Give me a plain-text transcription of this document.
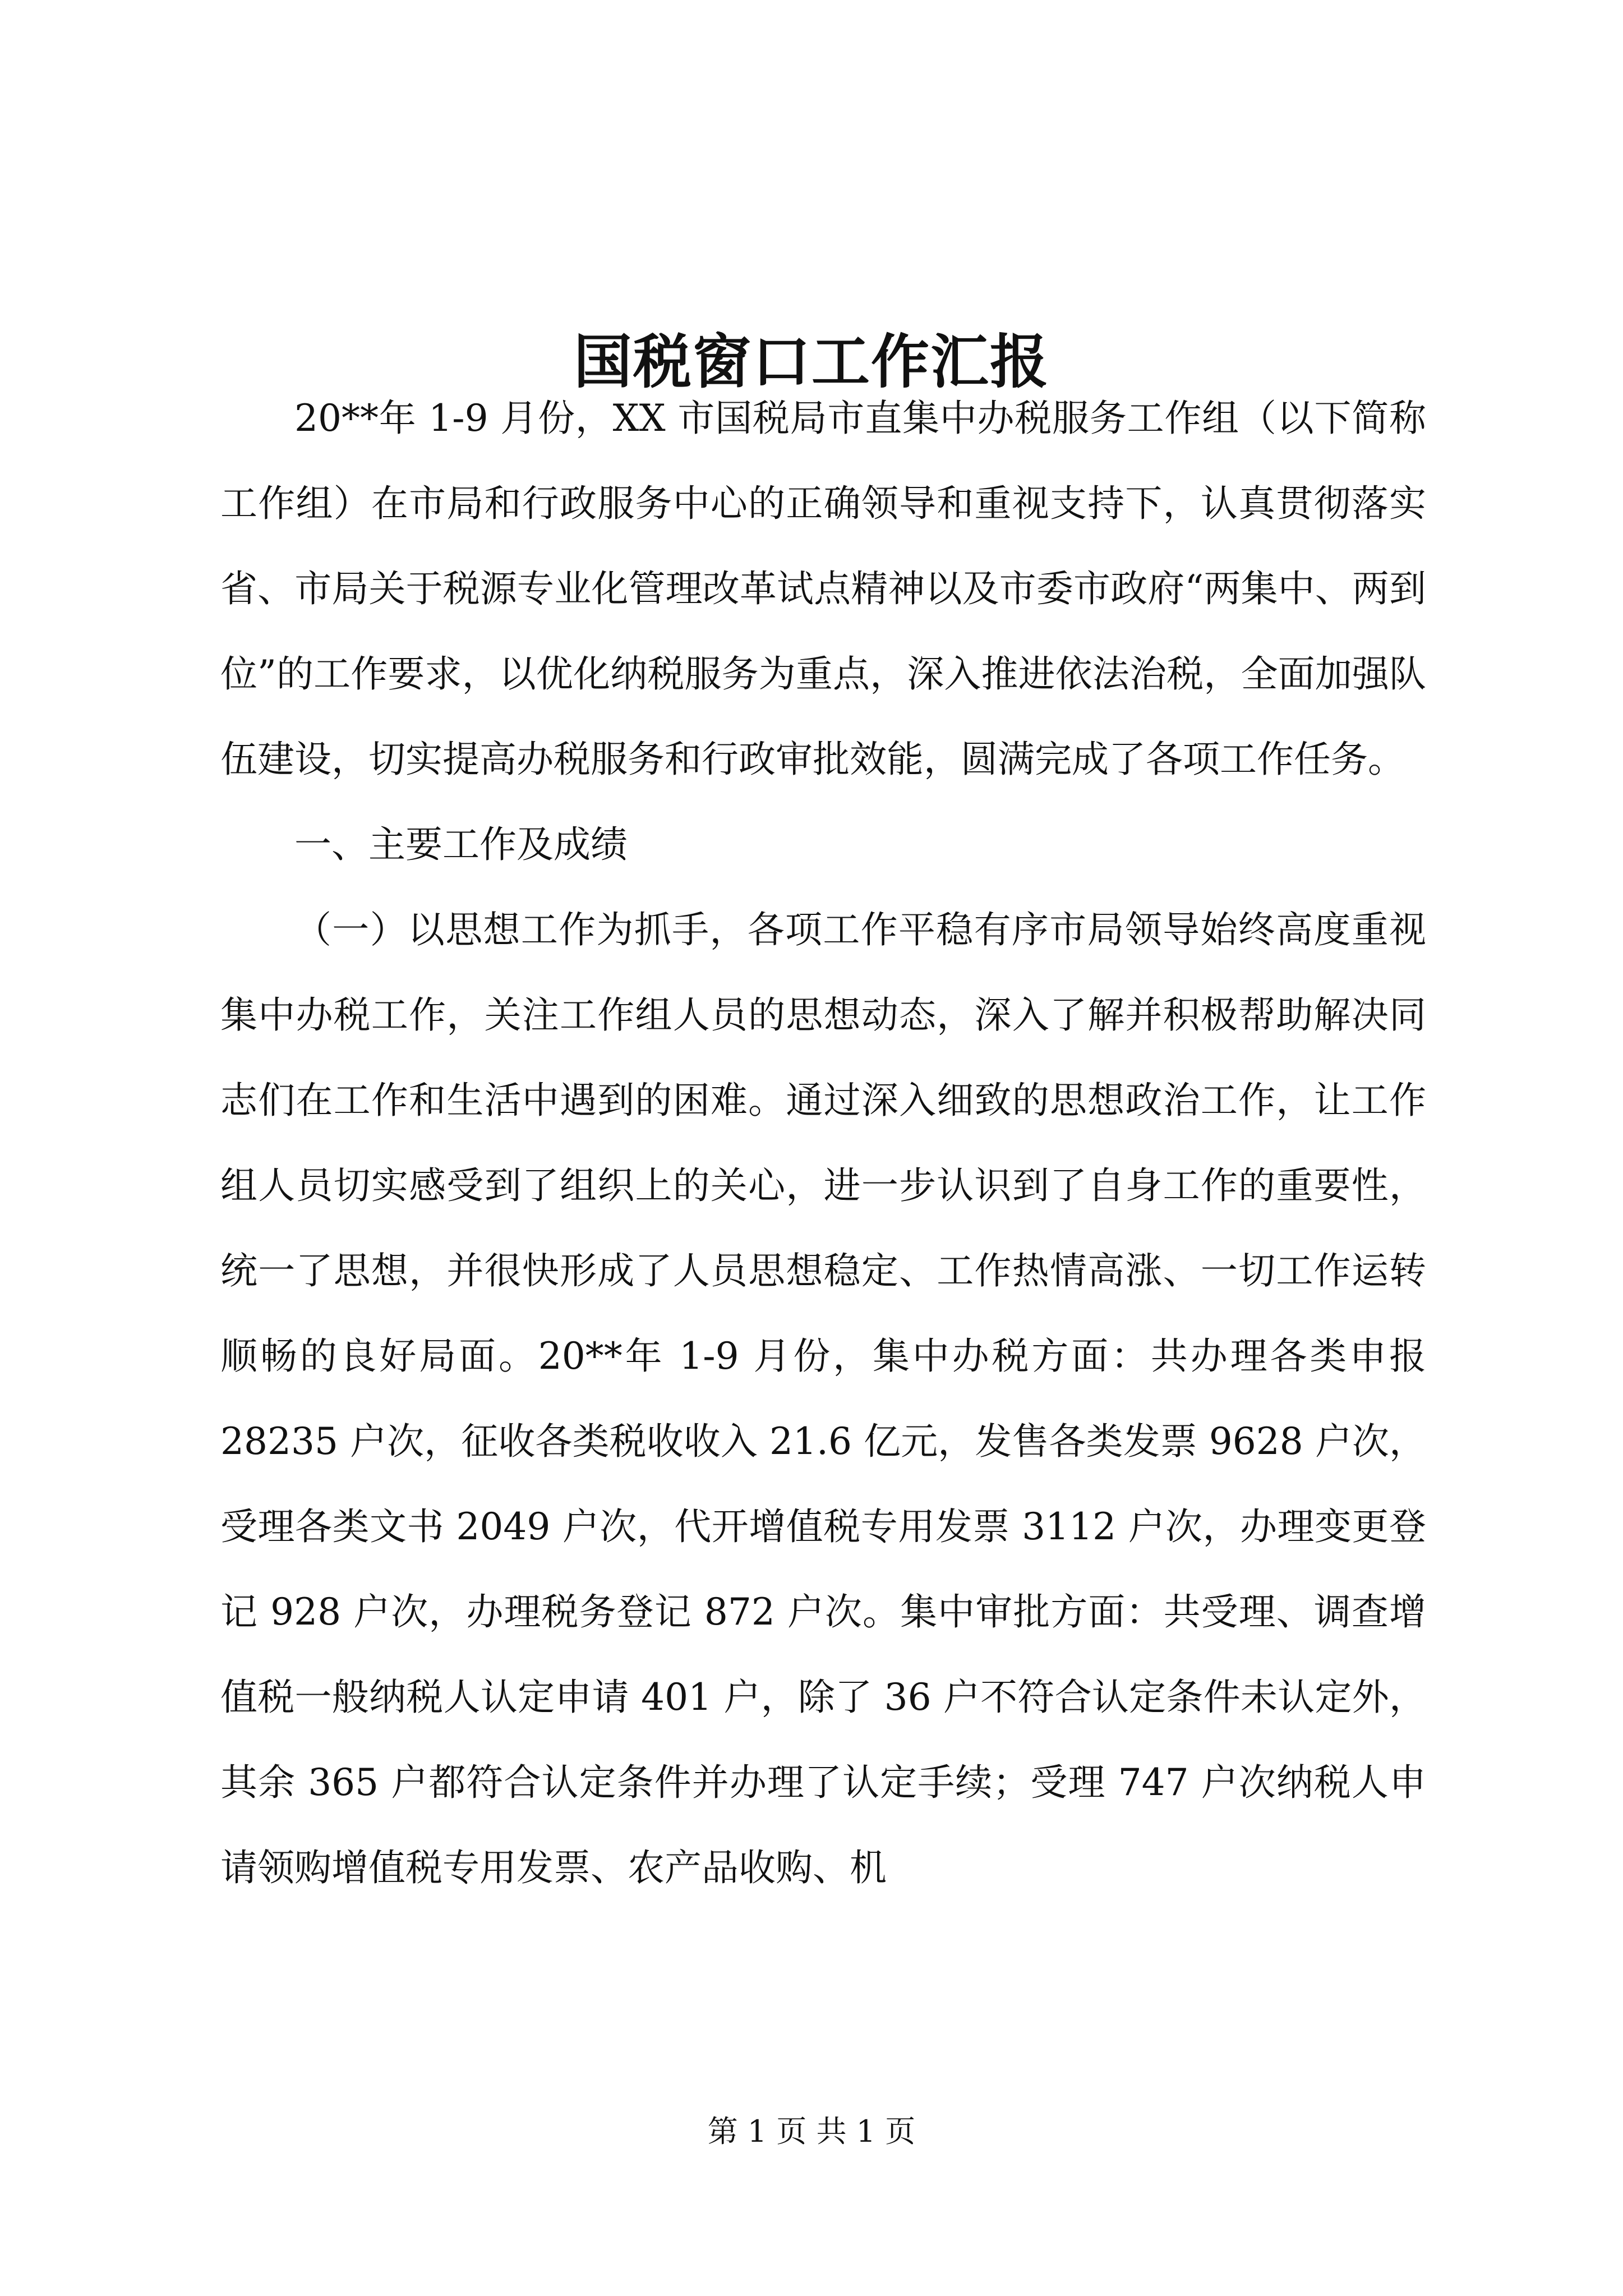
国税窗口工作汇报

20**年 1-9 月份，XX 市国税局市直集中办税服务工作组（以下简称工作组）在市局和行政服务中心的正确领导和重视支持下，认真贯彻落实省、市局关于税源专业化管理改革试点精神以及市委市政府“两集中、两到位”的工作要求，以优化纳税服务为重点，深入推进依法治税，全面加强队伍建设，切实提高办税服务和行政审批效能，圆满完成了各项工作任务。

一、主要工作及成绩

（一）以思想工作为抓手，各项工作平稳有序市局领导始终高度重视集中办税工作，关注工作组人员的思想动态，深入了解并积极帮助解决同志们在工作和生活中遇到的困难。通过深入细致的思想政治工作，让工作组人员切实感受到了组织上的关心，进一步认识到了自身工作的重要性，统一了思想，并很快形成了人员思想稳定、工作热情高涨、一切工作运转顺畅的良好局面。20**年 1-9 月份，集中办税方面：共办理各类申报 28235 户次，征收各类税收收入 21.6 亿元，发售各类发票 9628 户次，受理各类文书 2049 户次，代开增值税专用发票 3112 户次，办理变更登记 928 户次，办理税务登记 872 户次。集中审批方面：共受理、调查增值税一般纳税人认定申请 401 户，除了 36 户不符合认定条件未认定外，其余 365 户都符合认定条件并办理了认定手续；受理 747 户次纳税人申请领购增值税专用发票、农产品收购、机

第 1 页 共 1 页
